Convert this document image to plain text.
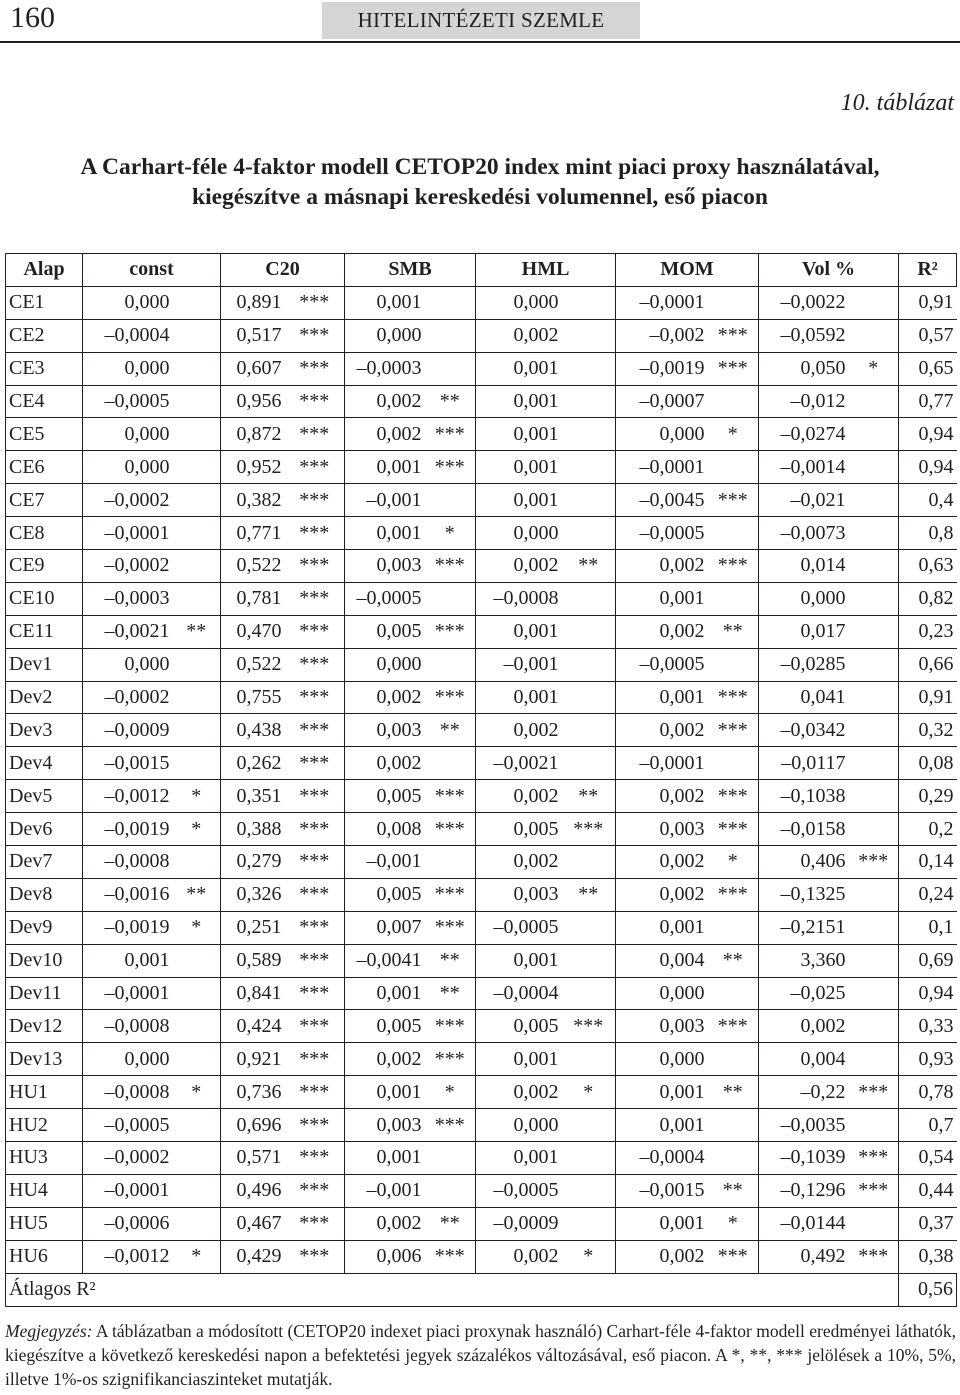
160	HITELINTÉZETI SZEMLE
10. táblázat
A Carhart-féle 4-faktor modell CETOP20 index mint piaci proxy használatával,
kiegészítve a másnapi kereskedési volumennel, eső piacon
Alap	const		C20		SMB		HML		MOM		Vol %		R²
CE1	0,000		0,891	***	0,001		0,000		–0,0001		–0,0022		0,91
CE2	–0,0004		0,517	***	0,000		0,002		–0,002	***	–0,0592		0,57
CE3	0,000		0,607	***	–0,0003		0,001		–0,0019	***	0,050	*	0,65
CE4	–0,0005		0,956	***	0,002	**	0,001		–0,0007		–0,012		0,77
CE5	0,000		0,872	***	0,002	***	0,001		0,000	*	–0,0274		0,94
CE6	0,000		0,952	***	0,001	***	0,001		–0,0001		–0,0014		0,94
CE7	–0,0002		0,382	***	–0,001		0,001		–0,0045	***	–0,021		0,4
CE8	–0,0001		0,771	***	0,001	*	0,000		–0,0005		–0,0073		0,8
CE9	–0,0002		0,522	***	0,003	***	0,002	**	0,002	***	0,014		0,63
CE10	–0,0003		0,781	***	–0,0005		–0,0008		0,001		0,000		0,82
CE11	–0,0021	**	0,470	***	0,005	***	0,001		0,002	**	0,017		0,23
Dev1	0,000		0,522	***	0,000		–0,001		–0,0005		–0,0285		0,66
Dev2	–0,0002		0,755	***	0,002	***	0,001		0,001	***	0,041		0,91
Dev3	–0,0009		0,438	***	0,003	**	0,002		0,002	***	–0,0342		0,32
Dev4	–0,0015		0,262	***	0,002		–0,0021		–0,0001		–0,0117		0,08
Dev5	–0,0012	*	0,351	***	0,005	***	0,002	**	0,002	***	–0,1038		0,29
Dev6	–0,0019	*	0,388	***	0,008	***	0,005	***	0,003	***	–0,0158		0,2
Dev7	–0,0008		0,279	***	–0,001		0,002		0,002	*	0,406	***	0,14
Dev8	–0,0016	**	0,326	***	0,005	***	0,003	**	0,002	***	–0,1325		0,24
Dev9	–0,0019	*	0,251	***	0,007	***	–0,0005		0,001		–0,2151		0,1
Dev10	0,001		0,589	***	–0,0041	**	0,001		0,004	**	3,360		0,69
Dev11	–0,0001		0,841	***	0,001	**	–0,0004		0,000		–0,025		0,94
Dev12	–0,0008		0,424	***	0,005	***	0,005	***	0,003	***	0,002		0,33
Dev13	0,000		0,921	***	0,002	***	0,001		0,000		0,004		0,93
HU1	–0,0008	*	0,736	***	0,001	*	0,002	*	0,001	**	–0,22	***	0,78
HU2	–0,0005		0,696	***	0,003	***	0,000		0,001		–0,0035		0,7
HU3	–0,0002		0,571	***	0,001		0,001		–0,0004		–0,1039	***	0,54
HU4	–0,0001		0,496	***	–0,001		–0,0005		–0,0015	**	–0,1296	***	0,44
HU5	–0,0006		0,467	***	0,002	**	–0,0009		0,001	*	–0,0144		0,37
HU6	–0,0012	*	0,429	***	0,006	***	0,002	*	0,002	***	0,492	***	0,38
Átlagos R²													0,56
Megjegyzés: A táblázatban a módosított (CETOP20 indexet piaci proxynak használó) Carhart-féle 4-faktor modell eredményei láthatók, kiegészítve a következő kereskedési napon a befektetési jegyek százalékos változásával, eső piacon. A *, **, *** jelölések a 10%, 5%, illetve 1%-os szignifikanciaszinteket mutatják.
